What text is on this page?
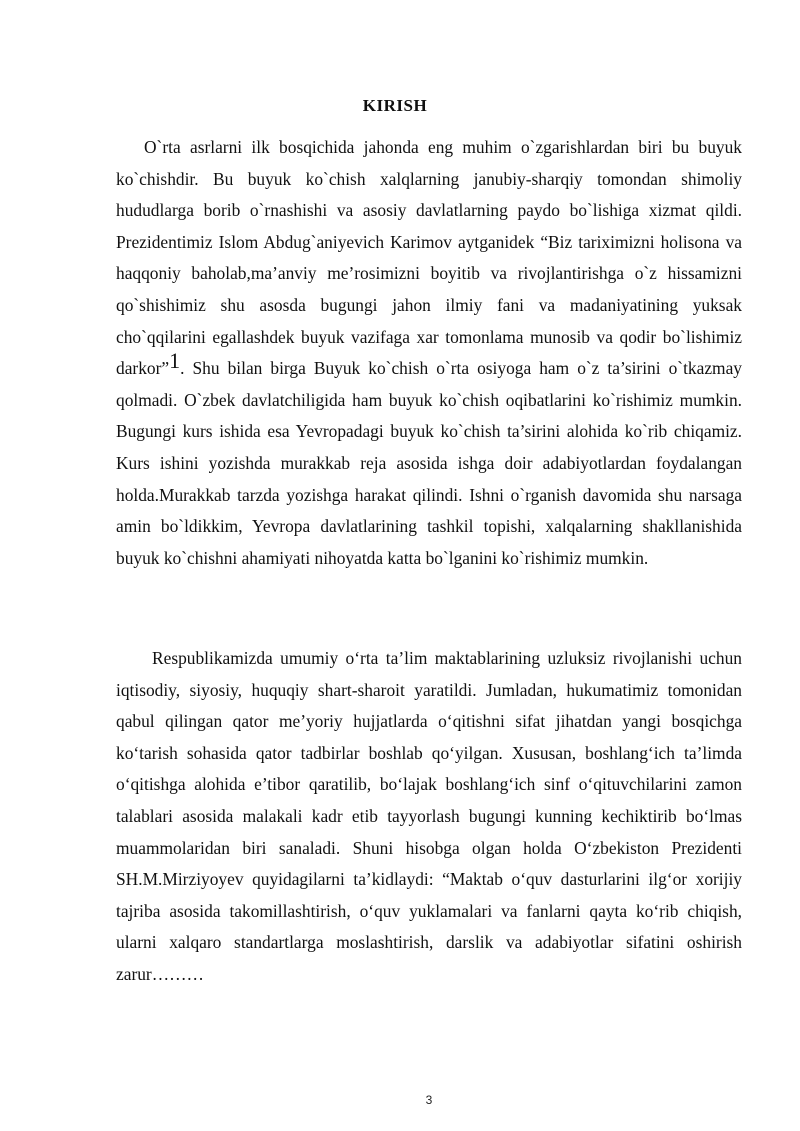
KIRISH

O`rta asrlarni ilk bosqichida jahonda eng muhim o`zgarishlardan biri bu buyuk ko`chishdir. Bu buyuk ko`chish xalqlarning janubiy-sharqiy tomondan shimoliy hududlarga borib o`rnashishi va asosiy davlatlarning paydo bo`lishiga xizmat qildi. Prezidentimiz Islom Abdug`aniyevich Karimov aytganidek “Biz tariximizni holisona va haqqoniy baholab,ma’anviy me’rosimizni boyitib va rivojlantirishga o`z hissamizni qo`shishimiz shu asosda bugungi jahon ilmiy fani va madaniyatining yuksak cho`qqilarini egallashdek buyuk vazifaga xar tomonlama munosib va qodir bo`lishimiz darkor”1. Shu bilan birga Buyuk ko`chish o`rta osiyoga ham o`z ta’sirini o`tkazmay qolmadi. O`zbek davlatchiligida ham buyuk ko`chish oqibatlarini ko`rishimiz mumkin. Bugungi kurs ishida esa Yevropadagi buyuk ko`chish ta’sirini alohida ko`rib chiqamiz. Kurs ishini yozishda murakkab reja asosida ishga doir adabiyotlardan foydalangan holda.Murakkab tarzda yozishga harakat qilindi. Ishni o`rganish davomida shu narsaga amin bo`ldikkim, Yevropa davlatlarining tashkil topishi, xalqalarning shakllanishida buyuk ko`chishni ahamiyati nihoyatda katta bo`lganini ko`rishimiz mumkin.

Respublikamizda umumiy o‘rta ta’lim maktablarining uzluksiz rivojlanishi uchun iqtisodiy, siyosiy, huquqiy shart-sharoit yaratildi. Jumladan, hukumatimiz tomonidan qabul qilingan qator me’yoriy hujjatlarda o‘qitishni sifat jihatdan yangi bosqichga ko‘tarish sohasida qator tadbirlar boshlab qo‘yilgan. Xususan, boshlang‘ich ta’limda o‘qitishga alohida e’tibor qaratilib, bo‘lajak boshlang‘ich sinf o‘qituvchilarini zamon talablari asosida malakali kadr etib tayyorlash bugungi kunning kechiktirib bo‘lmas muammolaridan biri sanaladi. Shuni hisobga olgan holda O‘zbekiston Prezidenti SH.M.Mirziyoyev quyidagilarni ta’kidlaydi: “Maktab o‘quv dasturlarini ilg‘or xorijiy tajriba asosida takomillashtirish, o‘quv yuklamalari va fanlarni qayta ko‘rib chiqish, ularni xalqaro standartlarga moslashtirish, darslik va adabiyotlar sifatini oshirish zarur………

3
